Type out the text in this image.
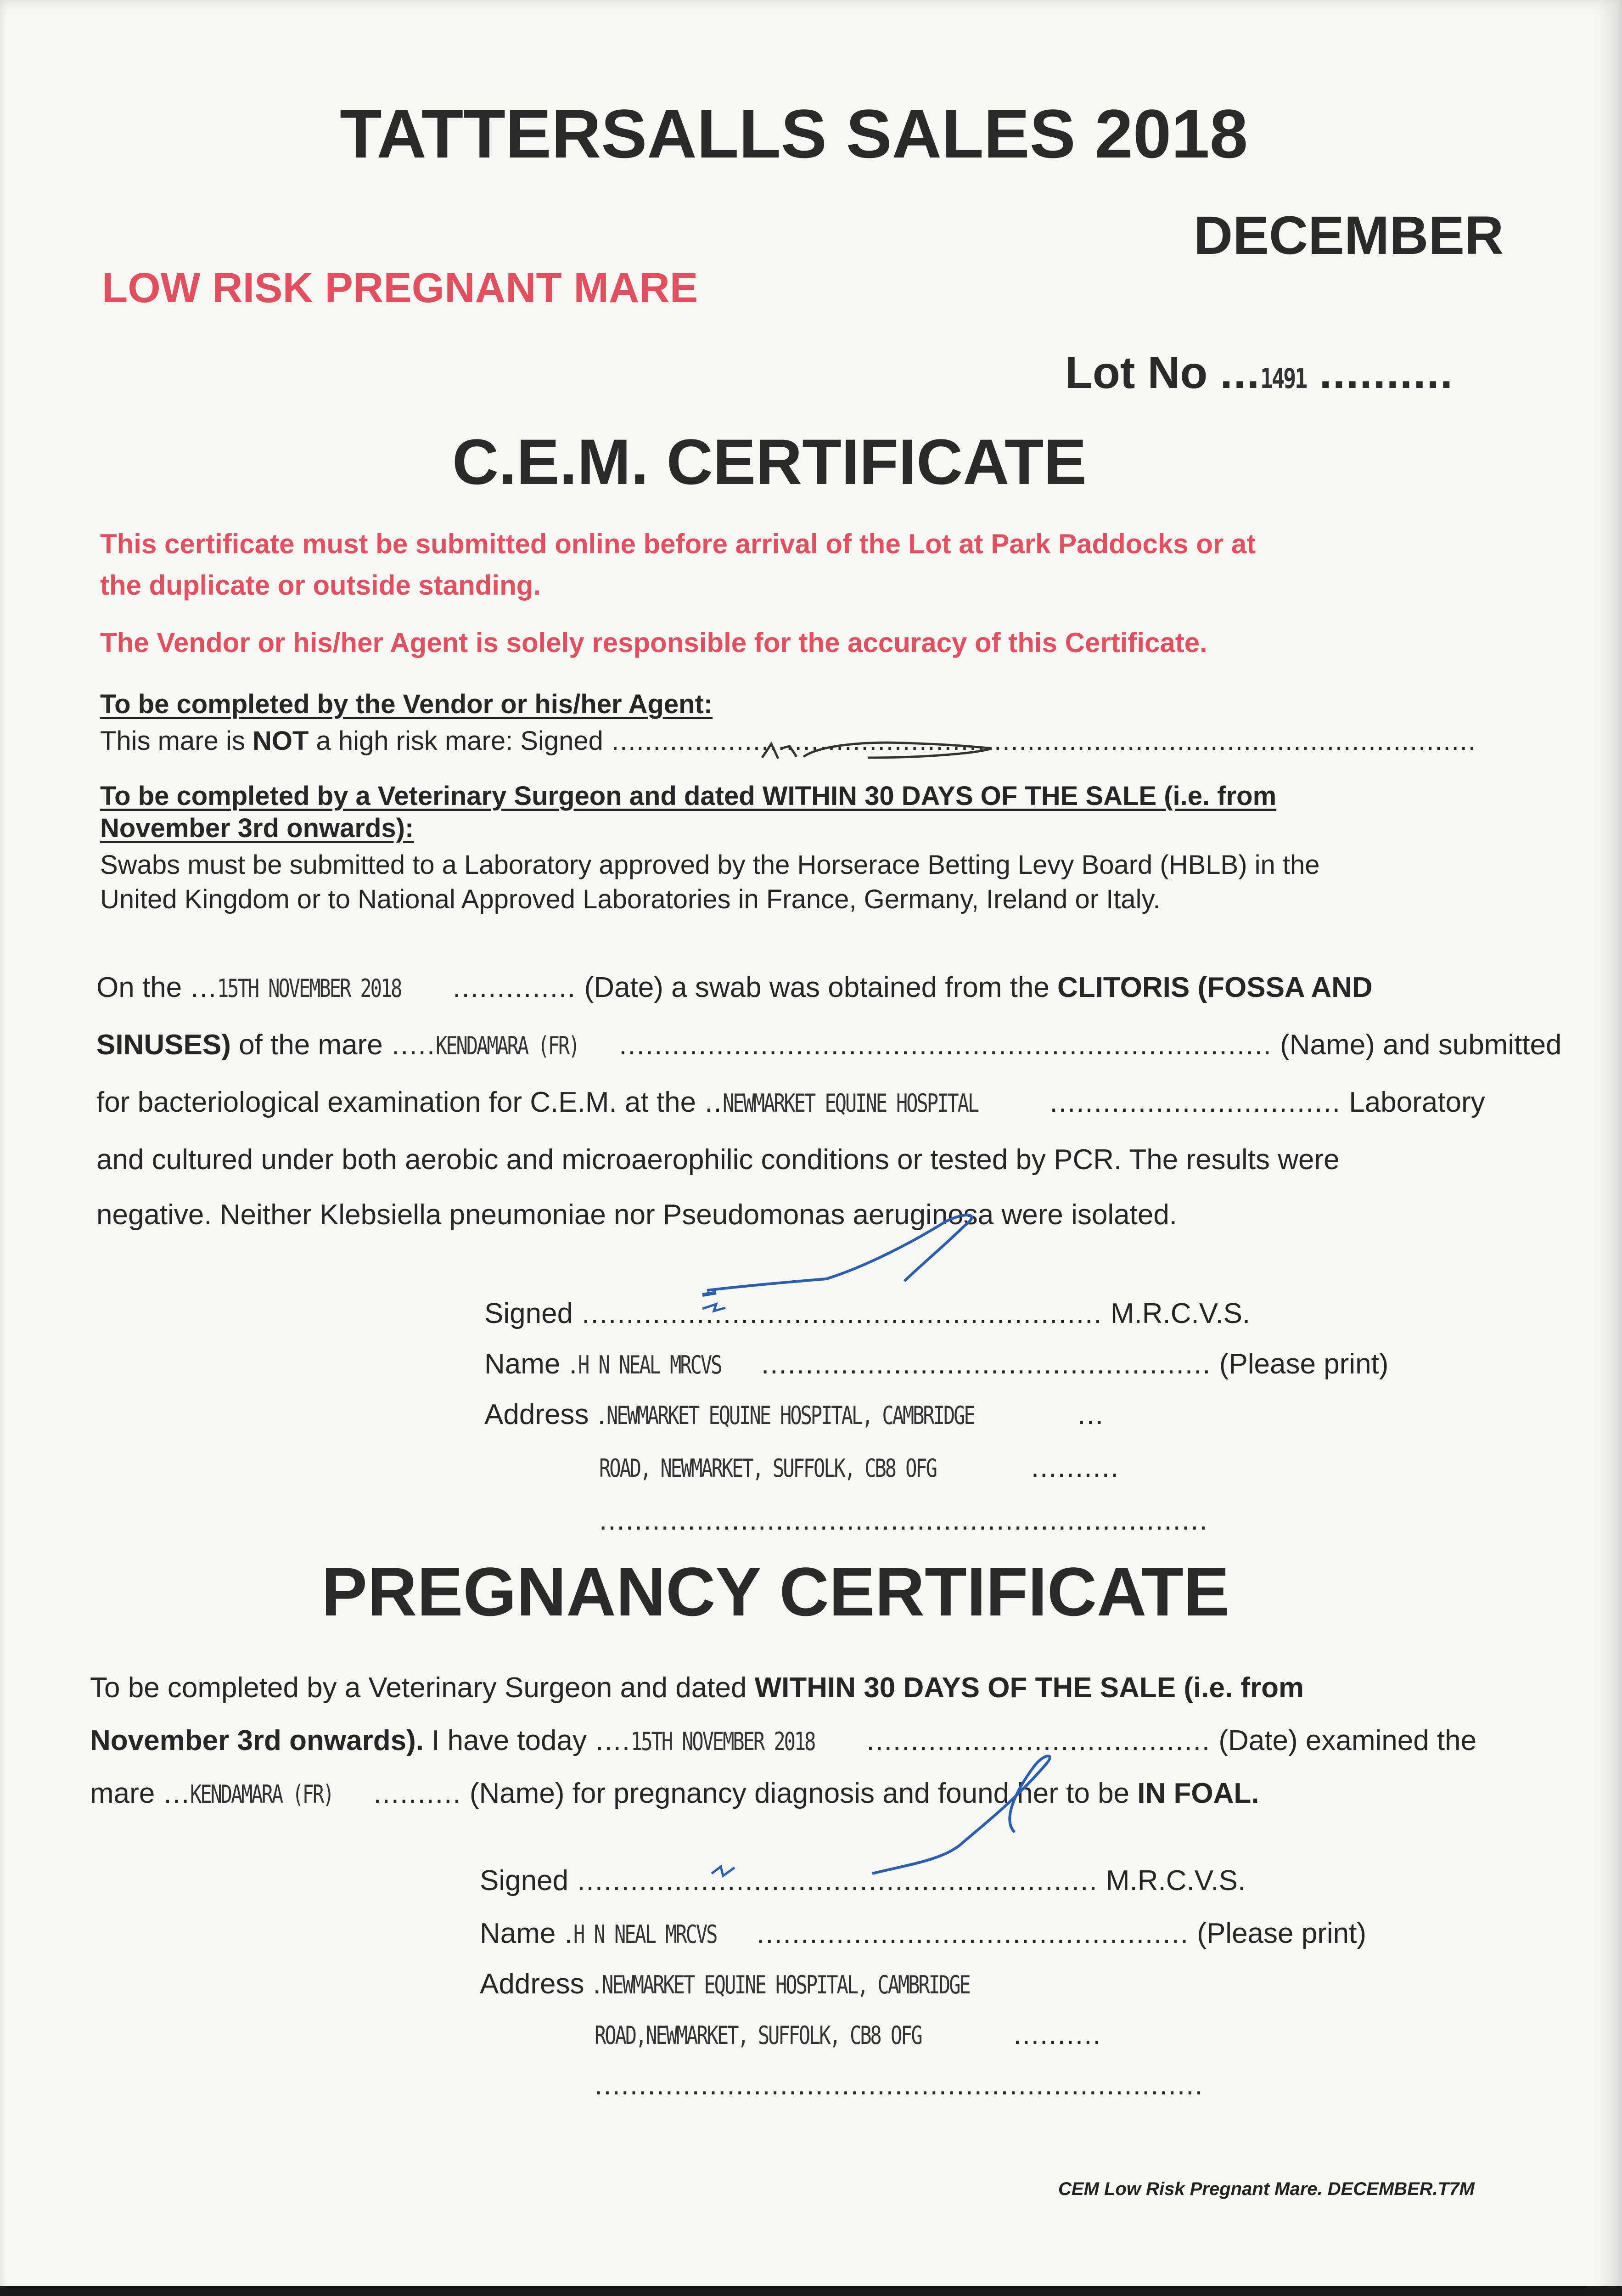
TATTERSALLS SALES 2018
DECEMBER
LOW RISK PREGNANT MARE
Lot No ...1491 ..........
C.E.M. CERTIFICATE
This certificate must be submitted online before arrival of the Lot at Park Paddocks or at
the duplicate or outside standing.
The Vendor or his/her Agent is solely responsible for the accuracy of this Certificate.
To be completed by the Vendor or his/her Agent:
This mare is NOT a high risk mare: Signed ........................................................................................................
To be completed by a Veterinary Surgeon and dated WITHIN 30 DAYS OF THE SALE (i.e. from
November 3rd onwards):
Swabs must be submitted to a Laboratory approved by the Horserace Betting Levy Board (HBLB) in the
United Kingdom or to National Approved Laboratories in France, Germany, Ireland or Italy.
On the ...15TH NOVEMBER 2018 .............. (Date) a swab was obtained from the CLITORIS (FOSSA AND
SINUSES) of the mare .....KENDAMARA (FR) .......................................................................... (Name) and submitted
for bacteriological examination for C.E.M. at the ..NEWMARKET EQUINE HOSPITAL	................................. Laboratory
and cultured under both aerobic and microaerophilic conditions or tested by PCR. The results were
negative. Neither Klebsiella pneumoniae nor Pseudomonas aeruginosa were isolated.
Signed ........................................................... M.R.C.V.S.
Name .H N NEAL MRCVS ................................................... (Please print)
Address .NEWMARKET EQUINE HOSPITAL, CAMBRIDGE	...
ROAD, NEWMARKET, SUFFOLK, CB8 OFG	..........
.....................................................................
PREGNANCY CERTIFICATE
To be completed by a Veterinary Surgeon and dated WITHIN 30 DAYS OF THE SALE (i.e. from
November 3rd onwards). I have today ....15TH NOVEMBER 2018 ....................................... (Date) examined the
mare ...KENDAMARA (FR) .......... (Name) for pregnancy diagnosis and found her to be IN FOAL.
Signed ........................................................... M.R.C.V.S.
Name .H N NEAL MRCVS ................................................. (Please print)
Address .NEWMARKET EQUINE HOSPITAL, CAMBRIDGE
ROAD,NEWMARKET, SUFFOLK, CB8 OFG	..........
.....................................................................
CEM Low Risk Pregnant Mare. DECEMBER.T7M
